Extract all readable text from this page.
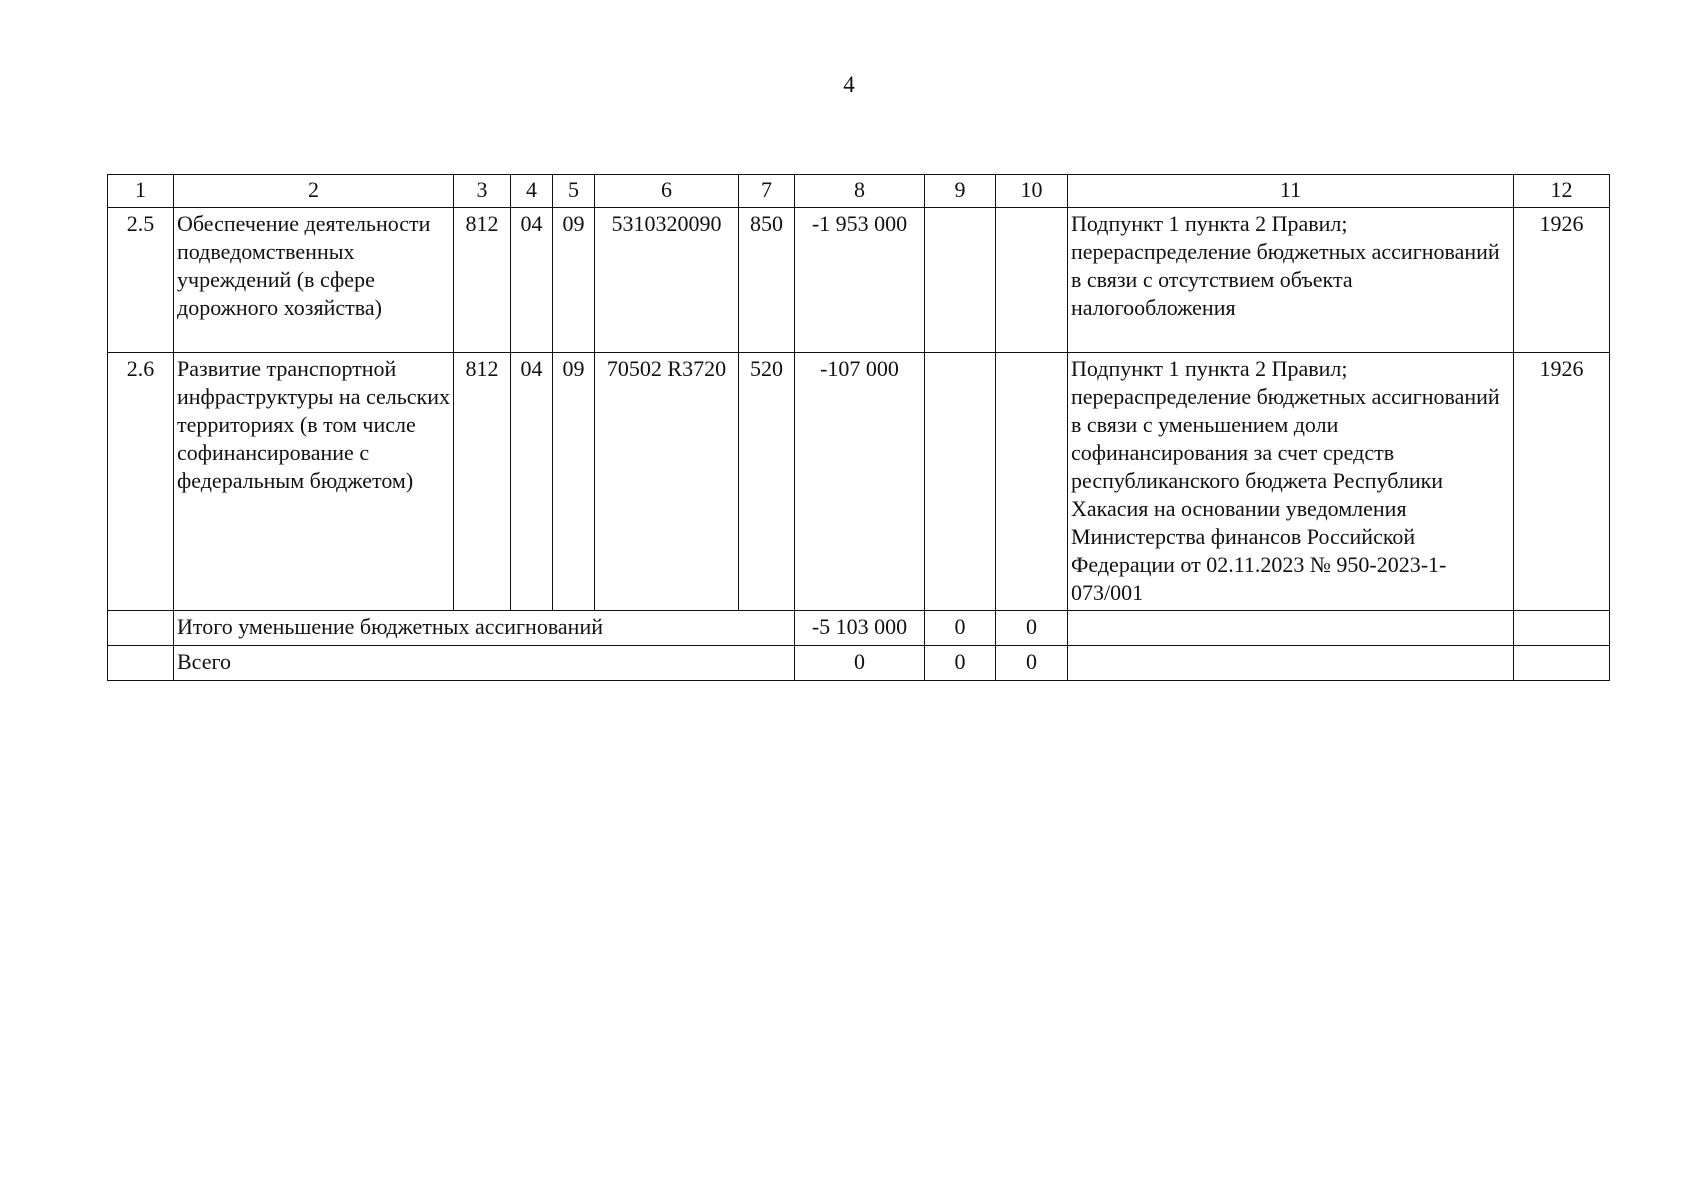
4
1	2	3	4	5	6	7	8	9	10	11	12
2.5	Обеспечение деятельности подведомственных учреждений (в сфере дорожного хозяйства)	812	04	09	5310320090	850	-1 953 000			Подпункт 1 пункта 2 Правил; перераспределение бюджетных ассигнований в связи с отсутствием объекта налогообложения	1926
2.6	Развитие транспортной инфраструктуры на сельских территориях (в том числе софинансирование с федеральным бюджетом)	812	04	09	70502 R3720	520	-107 000			Подпункт 1 пункта 2 Правил; перераспределение бюджетных ассигнований в связи с уменьшением доли софинансирования за счет средств республиканского бюджета Республики Хакасия на основании уведомления Министерства финансов Российской Федерации от 02.11.2023 № 950-2023-1-073/001	1926
	Итого уменьшение бюджетных ассигнований						-5 103 000	0	0		
	Всего						0	0	0		
